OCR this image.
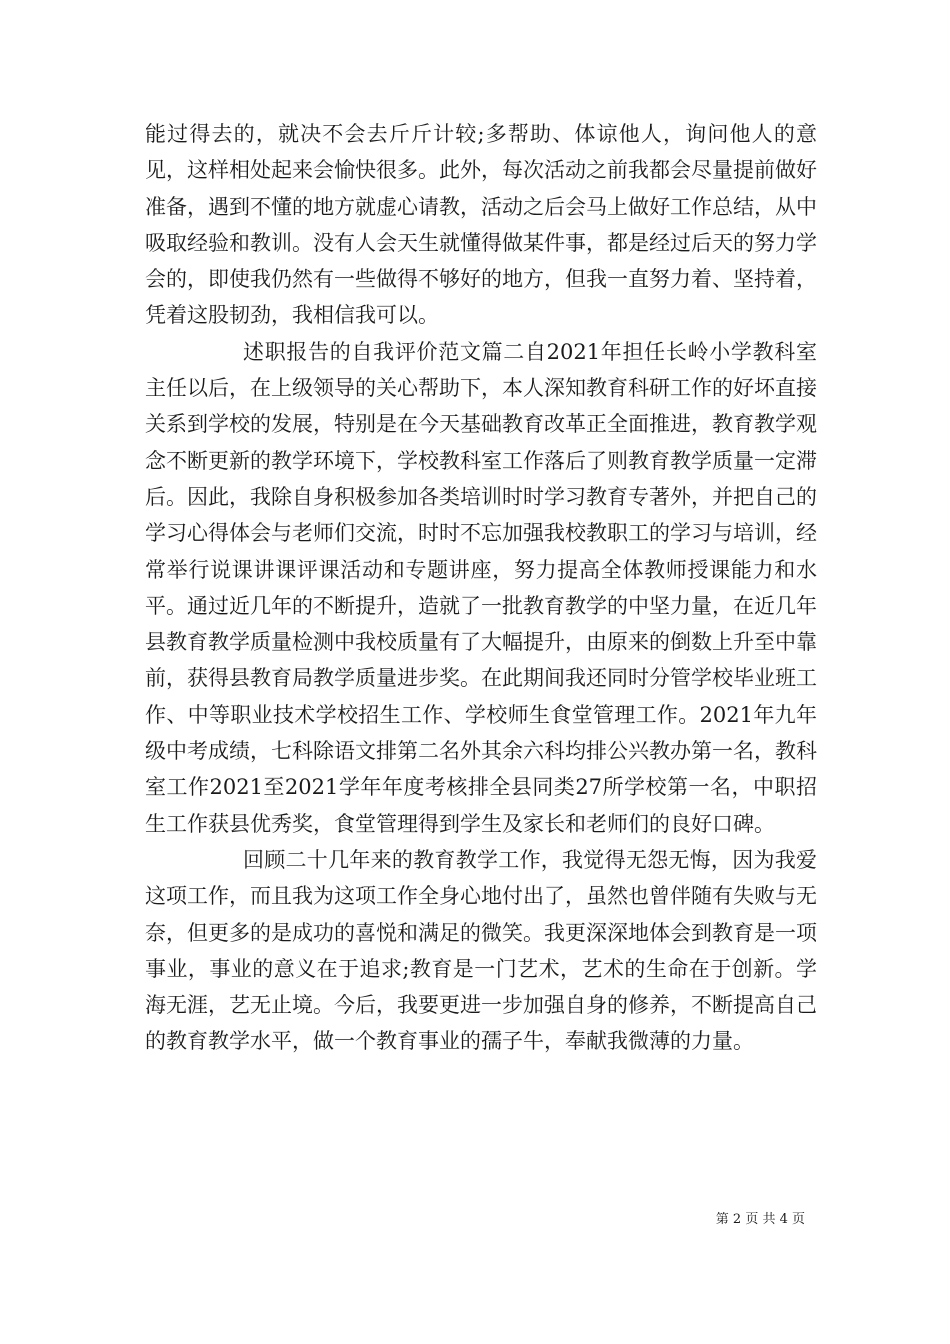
能过得去的，就决不会去斤斤计较;多帮助、体谅他人，询问他人的意见，这样相处起来会愉快很多。此外，每次活动之前我都会尽量提前做好准备，遇到不懂的地方就虚心请教，活动之后会马上做好工作总结，从中吸取经验和教训。没有人会天生就懂得做某件事，都是经过后天的努力学会的，即使我仍然有一些做得不够好的地方，但我一直努力着、坚持着，凭着这股韧劲，我相信我可以。

述职报告的自我评价范文篇二自2021年担任长岭小学教科室主任以后，在上级领导的关心帮助下，本人深知教育科研工作的好坏直接关系到学校的发展，特别是在今天基础教育改革正全面推进，教育教学观念不断更新的教学环境下，学校教科室工作落后了则教育教学质量一定滞后。因此，我除自身积极参加各类培训时时学习教育专著外，并把自己的学习心得体会与老师们交流，时时不忘加强我校教职工的学习与培训，经常举行说课讲课评课活动和专题讲座，努力提高全体教师授课能力和水平。通过近几年的不断提升，造就了一批教育教学的中坚力量，在近几年县教育教学质量检测中我校质量有了大幅提升，由原来的倒数上升至中靠前，获得县教育局教学质量进步奖。在此期间我还同时分管学校毕业班工作、中等职业技术学校招生工作、学校师生食堂管理工作。2021年九年级中考成绩，七科除语文排第二名外其余六科均排公兴教办第一名，教科室工作2021至2021学年年度考核排全县同类27所学校第一名，中职招生工作获县优秀奖，食堂管理得到学生及家长和老师们的良好口碑。

回顾二十几年来的教育教学工作，我觉得无怨无悔，因为我爱这项工作，而且我为这项工作全身心地付出了，虽然也曾伴随有失败与无奈，但更多的是成功的喜悦和满足的微笑。我更深深地体会到教育是一项事业，事业的意义在于追求;教育是一门艺术，艺术的生命在于创新。学海无涯，艺无止境。今后，我要更进一步加强自身的修养，不断提高自己的教育教学水平，做一个教育事业的孺子牛，奉献我微薄的力量。

第 2 页 共 4 页
